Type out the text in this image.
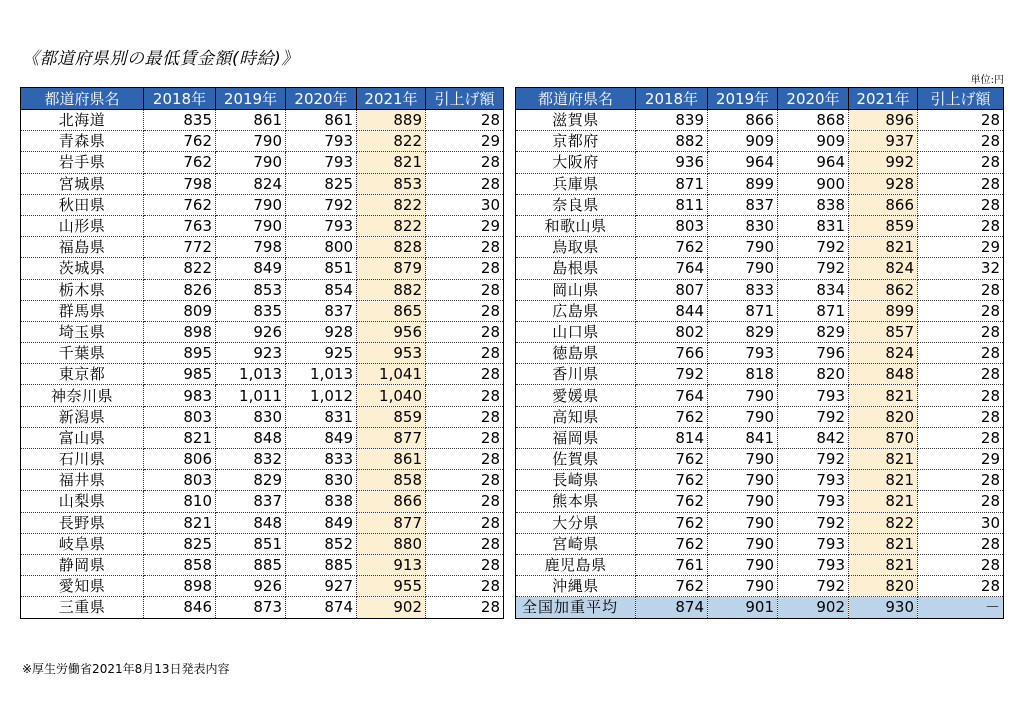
《都道府県別の最低賃金額(時給)》
単位:円
都道府県名	2018年	2019年	2020年	2021年	引上げ額
北海道	835	861	861	889	28
青森県	762	790	793	822	29
岩手県	762	790	793	821	28
宮城県	798	824	825	853	28
秋田県	762	790	792	822	30
山形県	763	790	793	822	29
福島県	772	798	800	828	28
茨城県	822	849	851	879	28
栃木県	826	853	854	882	28
群馬県	809	835	837	865	28
埼玉県	898	926	928	956	28
千葉県	895	923	925	953	28
東京都	985	1,013	1,013	1,041	28
神奈川県	983	1,011	1,012	1,040	28
新潟県	803	830	831	859	28
富山県	821	848	849	877	28
石川県	806	832	833	861	28
福井県	803	829	830	858	28
山梨県	810	837	838	866	28
長野県	821	848	849	877	28
岐阜県	825	851	852	880	28
静岡県	858	885	885	913	28
愛知県	898	926	927	955	28
三重県	846	873	874	902	28
都道府県名	2018年	2019年	2020年	2021年	引上げ額
滋賀県	839	866	868	896	28
京都府	882	909	909	937	28
大阪府	936	964	964	992	28
兵庫県	871	899	900	928	28
奈良県	811	837	838	866	28
和歌山県	803	830	831	859	28
鳥取県	762	790	792	821	29
島根県	764	790	792	824	32
岡山県	807	833	834	862	28
広島県	844	871	871	899	28
山口県	802	829	829	857	28
徳島県	766	793	796	824	28
香川県	792	818	820	848	28
愛媛県	764	790	793	821	28
高知県	762	790	792	820	28
福岡県	814	841	842	870	28
佐賀県	762	790	792	821	29
長崎県	762	790	793	821	28
熊本県	762	790	793	821	28
大分県	762	790	792	822	30
宮崎県	762	790	793	821	28
鹿児島県	761	790	793	821	28
沖縄県	762	790	792	820	28
全国加重平均	874	901	902	930	－
※厚生労働省2021年8月13日発表内容
